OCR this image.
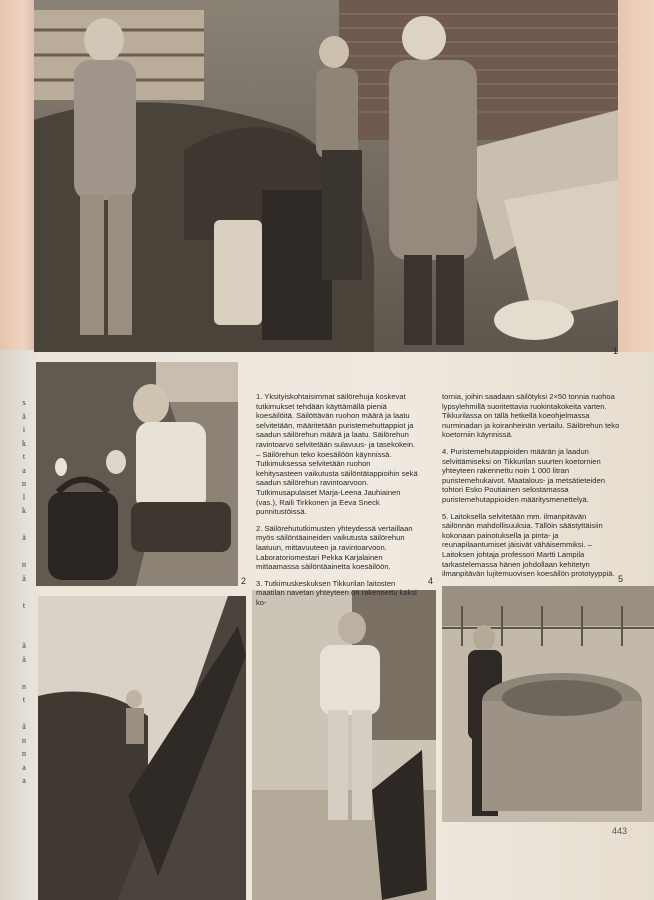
s
ä
i
k
t
a
n
l
k

ä

n
ä

t

ä
ä

n
t

ä
n
n
a
a
1
2	4	5

1. Yksityiskohtaisimmat säilörehuja koskevat tutkimukset tehdään käyttämällä pieniä koesäilöitä. Säilöttävän ruohon määrä ja laatu selvitetään, määritetään puristemehuttappiot ja saadun säilörehun määrä ja laatu. Säilörehun ravintoarvo selvitetään sulavuus- ja tasekokein. – Säilörehun teko koesäilöön käynnissä. Tutkimuksessa selvitetään ruohon kehitysasteen vaikutusta säilöntätappioihin sekä saadun säilörehun ravintoarvoon. Tutkimusapulaiset Marja-Leena Jauhiainen (vas.), Raili Tirkkonen ja Eeva Sneck punnitustöissä.

2. Säilörehututkimusten yhteydessä vertaillaan myös säilöntäaineiden vaikutusta säilörehun laatuun, mittavuuteen ja ravintoarvoon. Laboratoriomestari Pekka Karjalainen mittaamassa säilöntäainetta koesäilöön.

3. Tutkimuskeskuksen Tikkurilan laitosten maatilan navetan yhteyteen on rakennettu kaksi ko-

tornia, joihin saadaan säilötyksi 2×50 tonnia ruohoa lypsylehmillä suoritettavia ruokintakokeita varten. Tikkurilassa on tällä hetkellä koeohjelmassa nurminadan ja koiranheinän vertailu. Säilörehun teko koetorniin käynnissä.

4. Puristemehutappioiden määrän ja laadun selvittämiseksi on Tikkurilan suurten koetornien yhteyteen rakennettu noin 1 000 litran puristemehukaivot. Maatalous- ja metsätieteiden tohtori Esko Poutiainen selostamassa puristemehutappioiden määritysmenettelyä.

5. Laitoksella selvitetään mm. ilmanpitävän säilönnän mahdollisuuksia. Tällöin säästyttäisiin kokonaan painotuksella ja pinta- ja reunapilaantumiset jäisivät vähäisemmiksi. – Laitoksen johtaja professori Martti Lampila tarkastelemassa hänen johdollaan kehitetyn ilmanpitävän lujitemuovisen koesäilön prototyyppiä.

443
